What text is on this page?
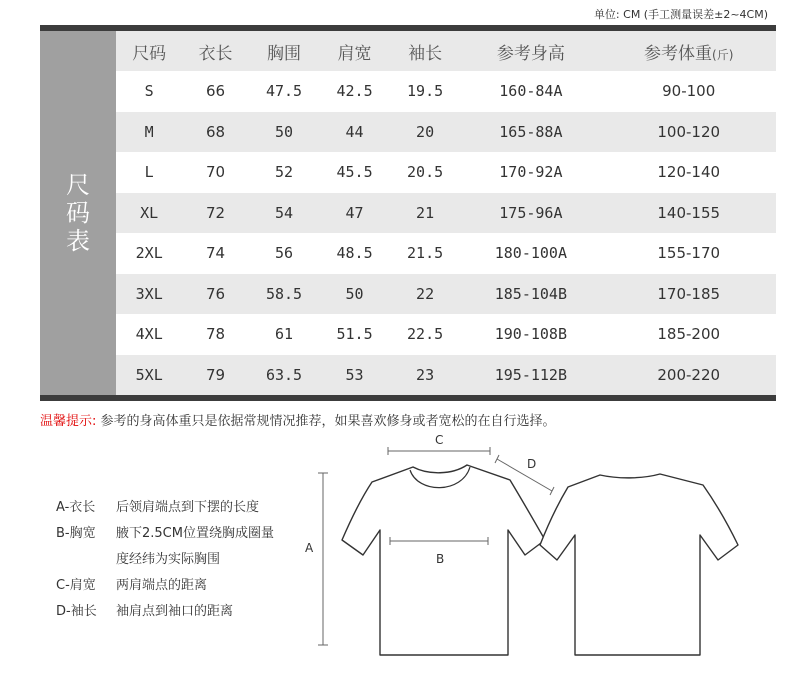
单位: CM (手工测量误差±2~4CM)
尺码表
尺码	衣长	胸围	肩宽	袖长	参考身高	参考体重(斤)
S	66	47.5	42.5	19.5	160-84A	90-100
M	68	50	44	20	165-88A	100-120
L	70	52	45.5	20.5	170-92A	120-140
XL	72	54	47	21	175-96A	140-155
2XL	74	56	48.5	21.5	180-100A	155-170
3XL	76	58.5	50	22	185-104B	170-185
4XL	78	61	51.5	22.5	190-108B	185-200
5XL	79	63.5	53	23	195-112B	200-220
温馨提示: 参考的身高体重只是依据常规情况推荐，如果喜欢修身或者宽松的在自行选择。
A-衣长	后领肩端点到下摆的长度
B-胸宽	腋下2.5CM位置绕胸成圈量
度经纬为实际胸围
C-肩宽	两肩端点的距离
D-袖长	袖肩点到袖口的距离
C
D
A
B
